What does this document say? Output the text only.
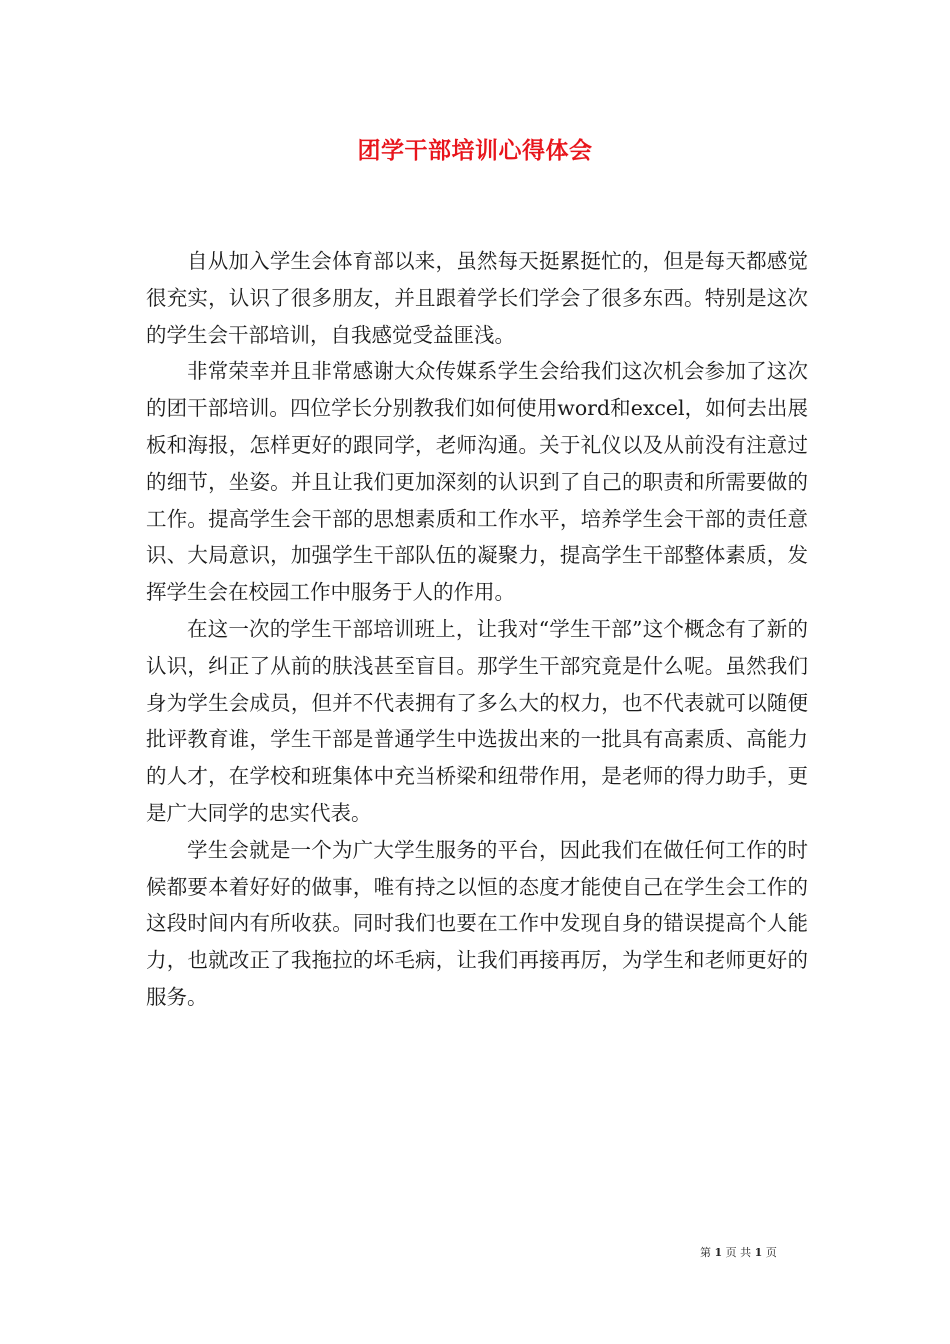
团学干部培训心得体会

自从加入学生会体育部以来，虽然每天挺累挺忙的，但是每天都感觉很充实，认识了很多朋友，并且跟着学长们学会了很多东西。特别是这次的学生会干部培训，自我感觉受益匪浅。

非常荣幸并且非常感谢大众传媒系学生会给我们这次机会参加了这次的团干部培训。四位学长分别教我们如何使用word和excel，如何去出展板和海报，怎样更好的跟同学，老师沟通。关于礼仪以及从前没有注意过的细节，坐姿。并且让我们更加深刻的认识到了自己的职责和所需要做的工作。提高学生会干部的思想素质和工作水平，培养学生会干部的责任意识、大局意识，加强学生干部队伍的凝聚力，提高学生干部整体素质，发挥学生会在校园工作中服务于人的作用。

在这一次的学生干部培训班上，让我对“学生干部”这个概念有了新的认识，纠正了从前的肤浅甚至盲目。那学生干部究竟是什么呢。虽然我们身为学生会成员，但并不代表拥有了多么大的权力，也不代表就可以随便批评教育谁，学生干部是普通学生中选拔出来的一批具有高素质、高能力的人才，在学校和班集体中充当桥梁和纽带作用，是老师的得力助手，更是广大同学的忠实代表。

学生会就是一个为广大学生服务的平台，因此我们在做任何工作的时候都要本着好好的做事，唯有持之以恒的态度才能使自己在学生会工作的这段时间内有所收获。同时我们也要在工作中发现自身的错误提高个人能力，也就改正了我拖拉的坏毛病，让我们再接再厉，为学生和老师更好的服务。

第 1 页 共 1 页
